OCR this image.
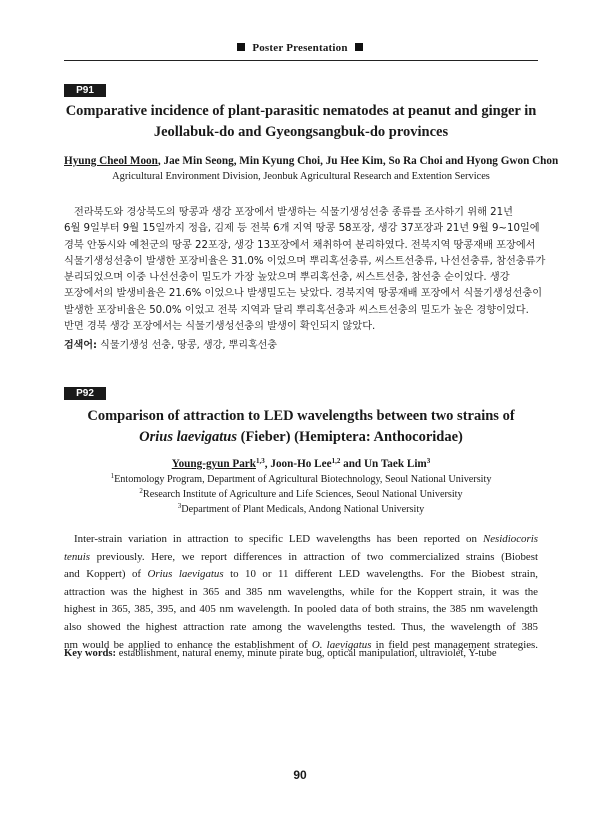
Poster Presentation
P91
Comparative incidence of plant-parasitic nematodes at peanut and ginger in
Jeollabuk-do and Gyeongsangbuk-do provinces
Hyung Cheol Moon, Jae Min Seong, Min Kyung Choi, Ju Hee Kim, So Ra Choi and Hyong Gwon Chon
Agricultural Environment Division, Jeonbuk Agricultural Research and Extention Services
전라북도와 경상북도의 땅콩과 생강 포장에서 발생하는 식물기생성선충 종류를 조사하기 위해 21년
6월 9일부터 9월 15일까지 정읍, 김제 등 전북 6개 지역 땅콩 58포장, 생강 37포장과 21년 9월 9~10일에
경북 안동시와 예천군의 땅콩 22포장, 생강 13포장에서 채취하여 분리하였다. 전북지역 땅콩재배 포장에서
식물기생성선충이 발생한 포장비율은 31.0% 이었으며 뿌리혹선충류, 씨스트선충류, 나선선충류, 참선충류가
분리되었으며 이중 나선선충이 밀도가 가장 높았으며 뿌리혹선충, 씨스트선충, 참선충 순이었다. 생강
포장에서의 발생비율은 21.6% 이었으나 발생밀도는 낮았다. 경북지역 땅콩재배 포장에서 식물기생성선충이
발생한 포장비율은 50.0% 이었고 전북 지역과 달리 뿌리혹선충과 씨스트선충의 밀도가 높은 경향이었다.
반면 경북 생강 포장에서는 식물기생성선충의 발생이 확인되지 않았다.
검색어: 식물기생성 선충, 땅콩, 생강, 뿌리혹선충
P92
Comparison of attraction to LED wavelengths between two strains of
Orius laevigatus (Fieber) (Hemiptera: Anthocoridae)
Young-gyun Park$^{1,3}$, Joon-Ho Lee$^{1,2}$ and Un Taek Lim$^3$
$^1$Entomology Program, Department of Agricultural Biotechnology, Seoul National University
$^2$Research Institute of Agriculture and Life Sciences, Seoul National University
$^3$Department of Plant Medicals, Andong National University
Inter-strain variation in attraction to specific LED wavelengths has been reported on Nesidiocoris
tenuis previously. Here, we report differences in attraction of two commercialized strains (Biobest
and Koppert) of Orius laevigatus to 10 or 11 different LED wavelengths. For the Biobest strain,
attraction was the highest in 365 and 385 nm wavelengths, while for the Koppert strain, it was the
highest in 365, 385, 395, and 405 nm wavelength. In pooled data of both strains, the 385 nm wavelength
also showed the highest attraction rate among the wavelengths tested. Thus, the wavelength of 385
nm would be applied to enhance the establishment of O. laevigatus in field pest management strategies.
Key words: establishment, natural enemy, minute pirate bug, optical manipulation, ultraviolet, Y-tube
90
